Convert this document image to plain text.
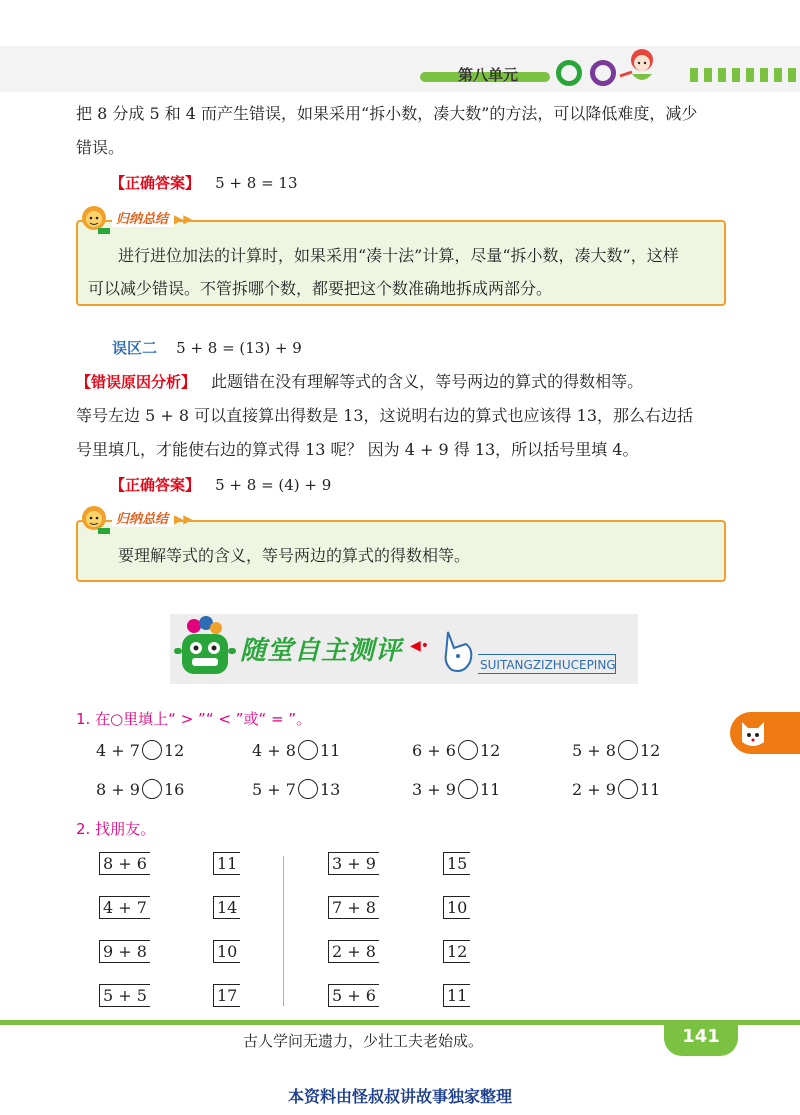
第八单元
把 8 分成 5 和 4 而产生错误，如果采用“拆小数，凑大数”的方法，可以降低难度，减少
错误。
【正确答案】 5 + 8 = 13
归纳总结 ▶▶
进行进位加法的计算时，如果采用“凑十法”计算，尽量“拆小数，凑大数”，这样
可以减少错误。不管拆哪个数，都要把这个数准确地拆成两部分。
误区二 5 + 8 = (13) + 9
【错误原因分析】 此题错在没有理解等式的含义，等号两边的算式的得数相等。
等号左边 5 + 8 可以直接算出得数是 13，这说明右边的算式也应该得 13，那么右边括
号里填几，才能使右边的算式得 13 呢？ 因为 4 + 9 得 13，所以括号里填 4。
【正确答案】 5 + 8 = (4) + 9
归纳总结 ▶▶
要理解等式的含义，等号两边的算式的得数相等。
随堂自主测评 ◀•
SUITANGZIZHUCEPING
1. 在○里填上“ > ”“ < ”或“ = ”。
4 + 7 12	4 + 8 11	6 + 6 12	5 + 8 12
8 + 9 16	5 + 7 13	3 + 9 11	2 + 9 11
2. 找朋友。
8 + 6	11
4 + 7	14
9 + 8	10
5 + 5	17
3 + 9	15
7 + 8	10
2 + 8	12
5 + 6	11
141
古人学问无遗力，少壮工夫老始成。
本资料由怪叔叔讲故事独家整理
